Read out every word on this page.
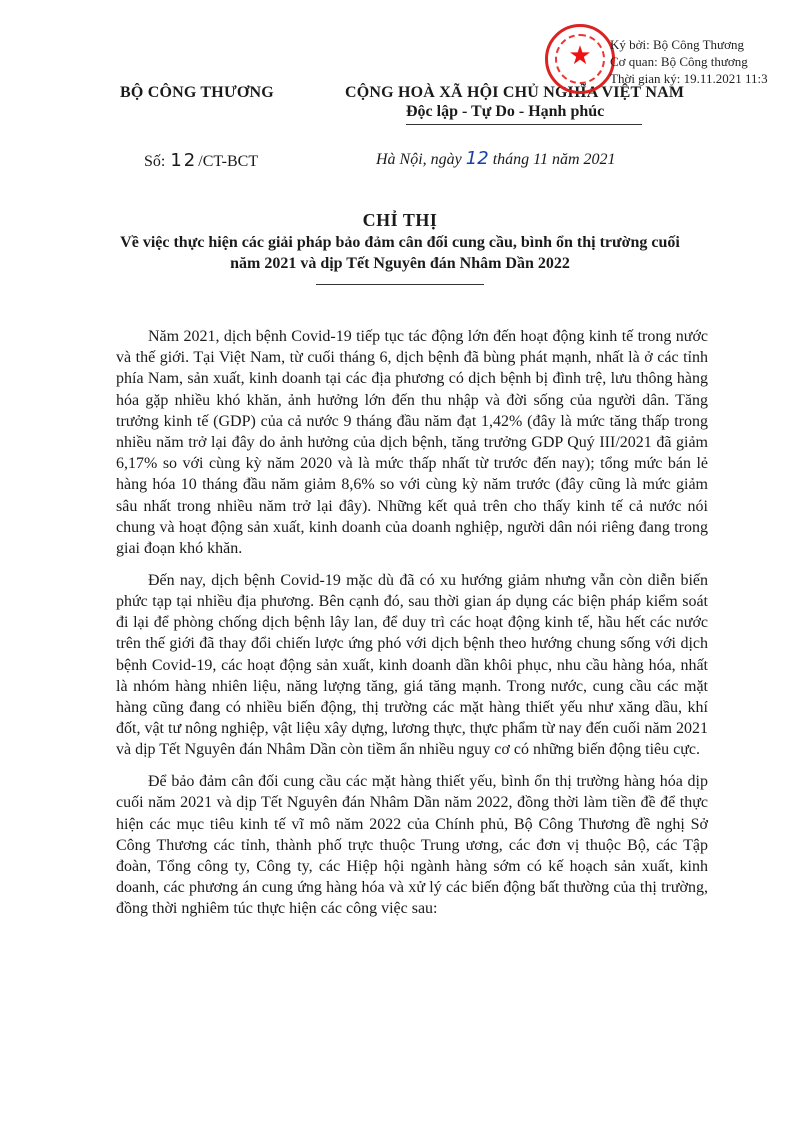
BỘ CÔNG THƯƠNG	CỘNG HOÀ XÃ HỘI CHỦ NGHĨA VIỆT NAM
Độc lập - Tự Do - Hạnh phúc
Số: 12/CT-BCT	Hà Nội, ngày 12 tháng 11 năm 2021
★	Ký bởi: Bộ Công Thương
Cơ quan: Bộ Công thương
Thời gian ký: 19.11.2021 11:3
CHỈ THỊ
Về việc thực hiện các giải pháp bảo đảm cân đối cung cầu, bình ổn thị trường cuối năm 2021 và dịp Tết Nguyên đán Nhâm Dần 2022

Năm 2021, dịch bệnh Covid-19 tiếp tục tác động lớn đến hoạt động kinh tế trong nước và thế giới. Tại Việt Nam, từ cuối tháng 6, dịch bệnh đã bùng phát mạnh, nhất là ở các tỉnh phía Nam, sản xuất, kinh doanh tại các địa phương có dịch bệnh bị đình trệ, lưu thông hàng hóa gặp nhiều khó khăn, ảnh hưởng lớn đến thu nhập và đời sống của người dân. Tăng trưởng kinh tế (GDP) của cả nước 9 tháng đầu năm đạt 1,42% (đây là mức tăng thấp trong nhiều năm trở lại đây do ảnh hưởng của dịch bệnh, tăng trưởng GDP Quý III/2021 đã giảm 6,17% so với cùng kỳ năm 2020 và là mức thấp nhất từ trước đến nay); tổng mức bán lẻ hàng hóa 10 tháng đầu năm giảm 8,6% so với cùng kỳ năm trước (đây cũng là mức giảm sâu nhất trong nhiều năm trở lại đây). Những kết quả trên cho thấy kinh tế cả nước nói chung và hoạt động sản xuất, kinh doanh của doanh nghiệp, người dân nói riêng đang trong giai đoạn khó khăn.

Đến nay, dịch bệnh Covid-19 mặc dù đã có xu hướng giảm nhưng vẫn còn diễn biến phức tạp tại nhiều địa phương. Bên cạnh đó, sau thời gian áp dụng các biện pháp kiểm soát đi lại để phòng chống dịch bệnh lây lan, để duy trì các hoạt động kinh tế, hầu hết các nước trên thế giới đã thay đổi chiến lược ứng phó với dịch bệnh theo hướng chung sống với dịch bệnh Covid-19, các hoạt động sản xuất, kinh doanh dần khôi phục, nhu cầu hàng hóa, nhất là nhóm hàng nhiên liệu, năng lượng tăng, giá tăng mạnh. Trong nước, cung cầu các mặt hàng cũng đang có nhiều biến động, thị trường các mặt hàng thiết yếu như xăng dầu, khí đốt, vật tư nông nghiệp, vật liệu xây dựng, lương thực, thực phẩm từ nay đến cuối năm 2021 và dịp Tết Nguyên đán Nhâm Dần còn tiềm ẩn nhiều nguy cơ có những biến động tiêu cực.

Để bảo đảm cân đối cung cầu các mặt hàng thiết yếu, bình ổn thị trường hàng hóa dịp cuối năm 2021 và dịp Tết Nguyên đán Nhâm Dần năm 2022, đồng thời làm tiền đề để thực hiện các mục tiêu kinh tế vĩ mô năm 2022 của Chính phủ, Bộ Công Thương đề nghị Sở Công Thương các tỉnh, thành phố trực thuộc Trung ương, các đơn vị thuộc Bộ, các Tập đoàn, Tổng công ty, Công ty, các Hiệp hội ngành hàng sớm có kế hoạch sản xuất, kinh doanh, các phương án cung ứng hàng hóa và xử lý các biến động bất thường của thị trường, đồng thời nghiêm túc thực hiện các công việc sau:
